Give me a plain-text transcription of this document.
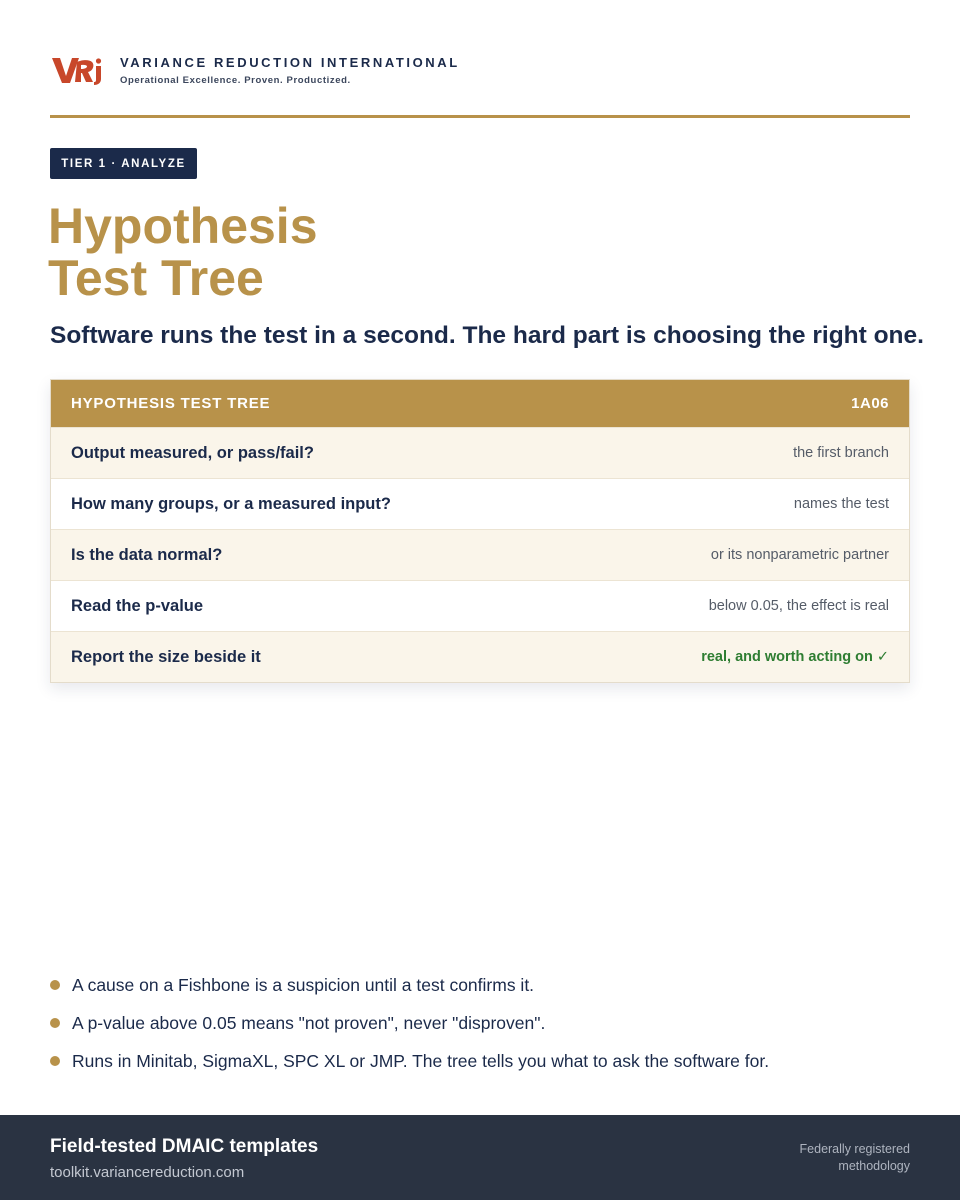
VARIANCE REDUCTION INTERNATIONAL
Operational Excellence. Proven. Productized.
TIER 1 · ANALYZE
Hypothesis
Test Tree
Software runs the test in a second. The hard part is choosing the right one.
HYPOTHESIS TEST TREE	1A06
Output measured, or pass/fail?	the first branch
How many groups, or a measured input?	names the test
Is the data normal?	or its nonparametric partner
Read the p-value	below 0.05, the effect is real
Report the size beside it	real, and worth acting on ✓
A cause on a Fishbone is a suspicion until a test confirms it.
A p-value above 0.05 means "not proven", never "disproven".
Runs in Minitab, SigmaXL, SPC XL or JMP. The tree tells you what to ask the software for.
Field-tested DMAIC templates
toolkit.variancereduction.com
Federally registered methodology
